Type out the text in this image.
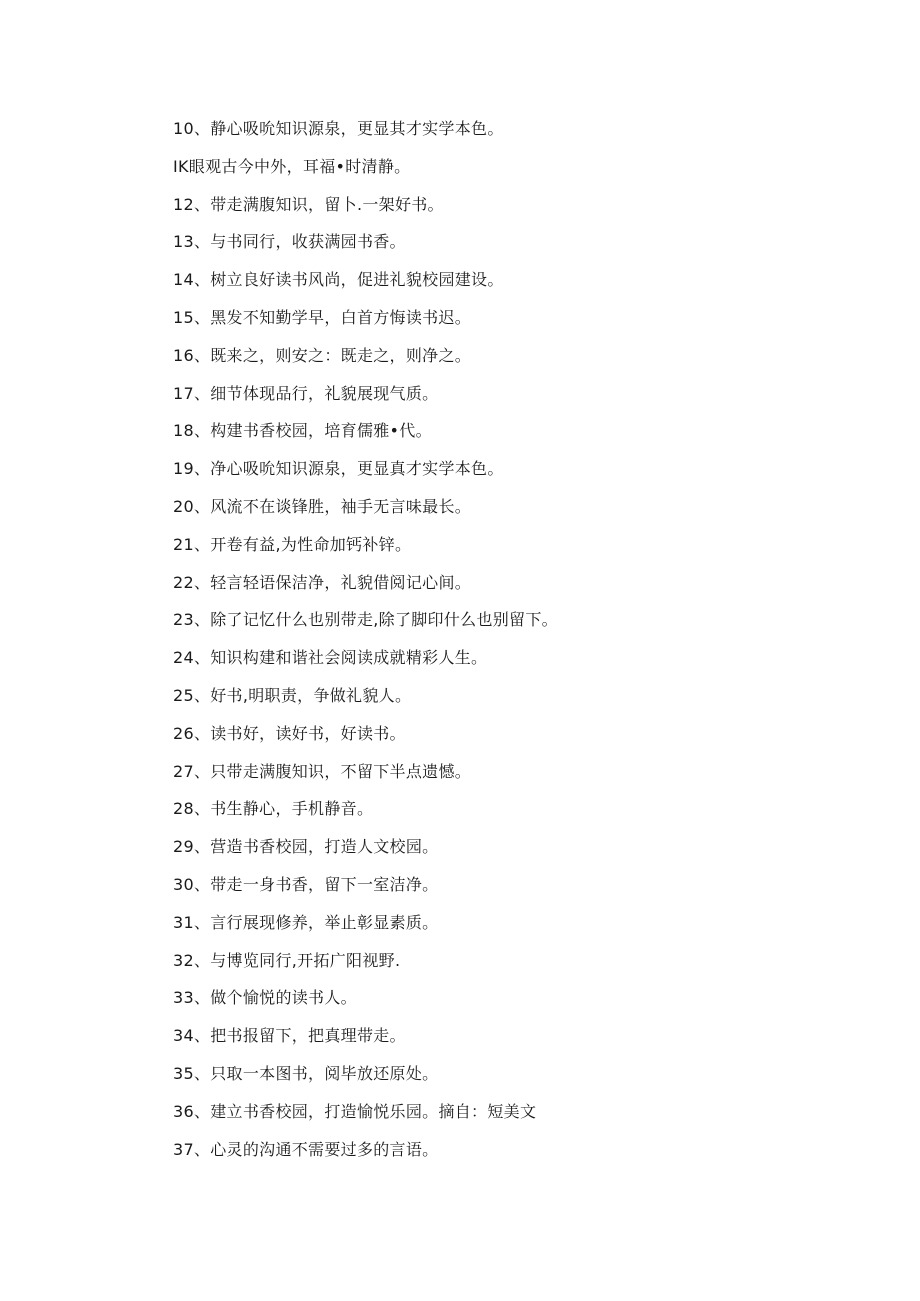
10、静心吸吮知识源泉，更显其才实学本色。
IK眼观古今中外，耳福•时清静。
12、带走满腹知识，留卜.一架好书。
13、与书同行，收获满园书香。
14、树立良好读书风尚，促进礼貌校园建设。
15、黑发不知勤学早，白首方悔读书迟。
16、既来之，则安之：既走之，则净之。
17、细节体现品行，礼貌展现气质。
18、构建书香校园，培育儒雅•代。
19、净心吸吮知识源泉，更显真才实学本色。
20、风流不在谈锋胜，袖手无言味最长。
21、开卷有益,为性命加钙补锌。
22、轻言轻语保洁净，礼貌借阅记心间。
23、除了记忆什么也别带走,除了脚印什么也别留下。
24、知识构建和谐社会阅读成就精彩人生。
25、好书,明职责，争做礼貌人。
26、读书好，读好书，好读书。
27、只带走满腹知识，不留下半点遗憾。
28、书生静心，手机静音。
29、营造书香校园，打造人文校园。
30、带走一身书香，留下一室洁净。
31、言行展现修养，举止彰显素质。
32、与博览同行,开拓广阳视野.
33、做个愉悦的读书人。
34、把书报留下，把真理带走。
35、只取一本图书，阅毕放还原处。
36、建立书香校园，打造愉悦乐园。摘自：短美文
37、心灵的沟通不需要过多的言语。
